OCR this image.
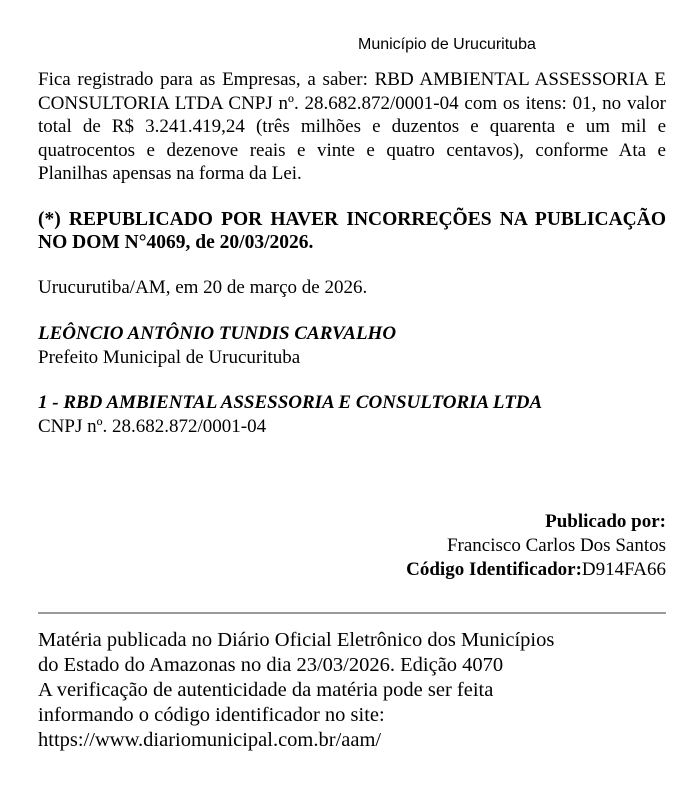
Município de Urucurituba

Fica registrado para as Empresas, a saber: RBD AMBIENTAL ASSESSORIA E CONSULTORIA LTDA CNPJ nº. 28.682.872/0001-04 com os itens: 01, no valor total de R$ 3.241.419,24 (três milhões e duzentos e quarenta e um mil e quatrocentos e dezenove reais e vinte e quatro centavos), conforme Ata e Planilhas apensas na forma da Lei.

(*) REPUBLICADO POR HAVER INCORREÇÕES NA PUBLICAÇÃO NO DOM N°4069, de 20/03/2026.

Urucurutiba/AM, em 20 de março de 2026.

LEÔNCIO ANTÔNIO TUNDIS CARVALHO
Prefeito Municipal de Urucurituba
1 - RBD AMBIENTAL ASSESSORIA E CONSULTORIA LTDA
CNPJ nº. 28.682.872/0001-04
Publicado por:
Francisco Carlos Dos Santos
Código Identificador:D914FA66
Matéria publicada no Diário Oficial Eletrônico dos Municípios
do Estado do Amazonas no dia 23/03/2026. Edição 4070
A verificação de autenticidade da matéria pode ser feita
informando o código identificador no site:
https://www.diariomunicipal.com.br/aam/
